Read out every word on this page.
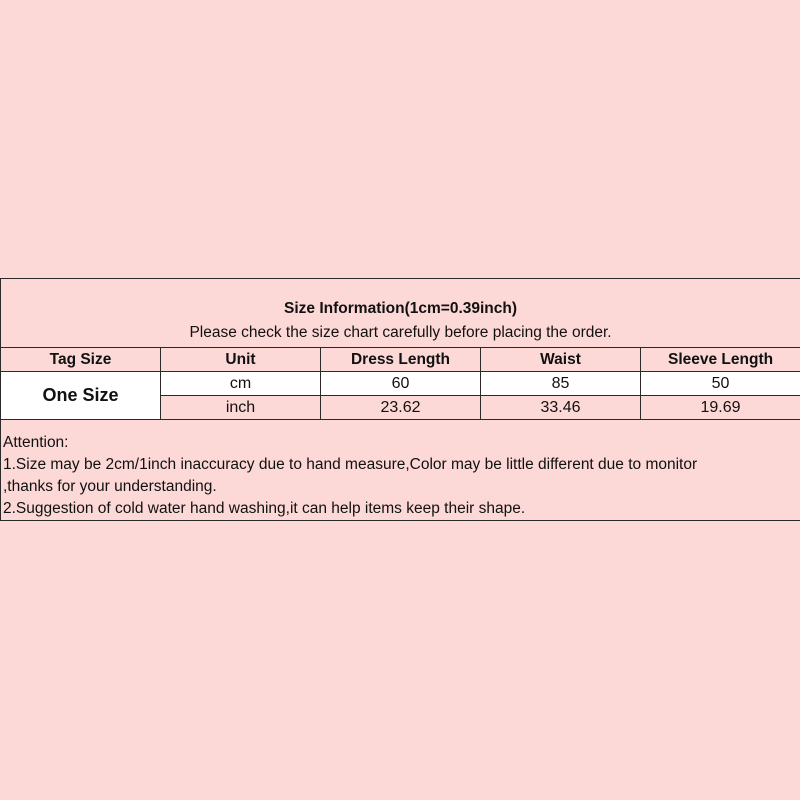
Size Information(1cm=0.39inch)
Please check the size chart carefully before placing the order.				

Tag Size	Unit	Dress Length	Waist	Sleeve Length
One Size	cm	60	85	50
	inch	23.62	33.46	19.69

Attention:
1.Size may be 2cm/1inch inaccuracy due to hand measure,Color may be little different due to monitor
,thanks for your understanding.
2.Suggestion of cold water hand washing,it can help items keep their shape.				
